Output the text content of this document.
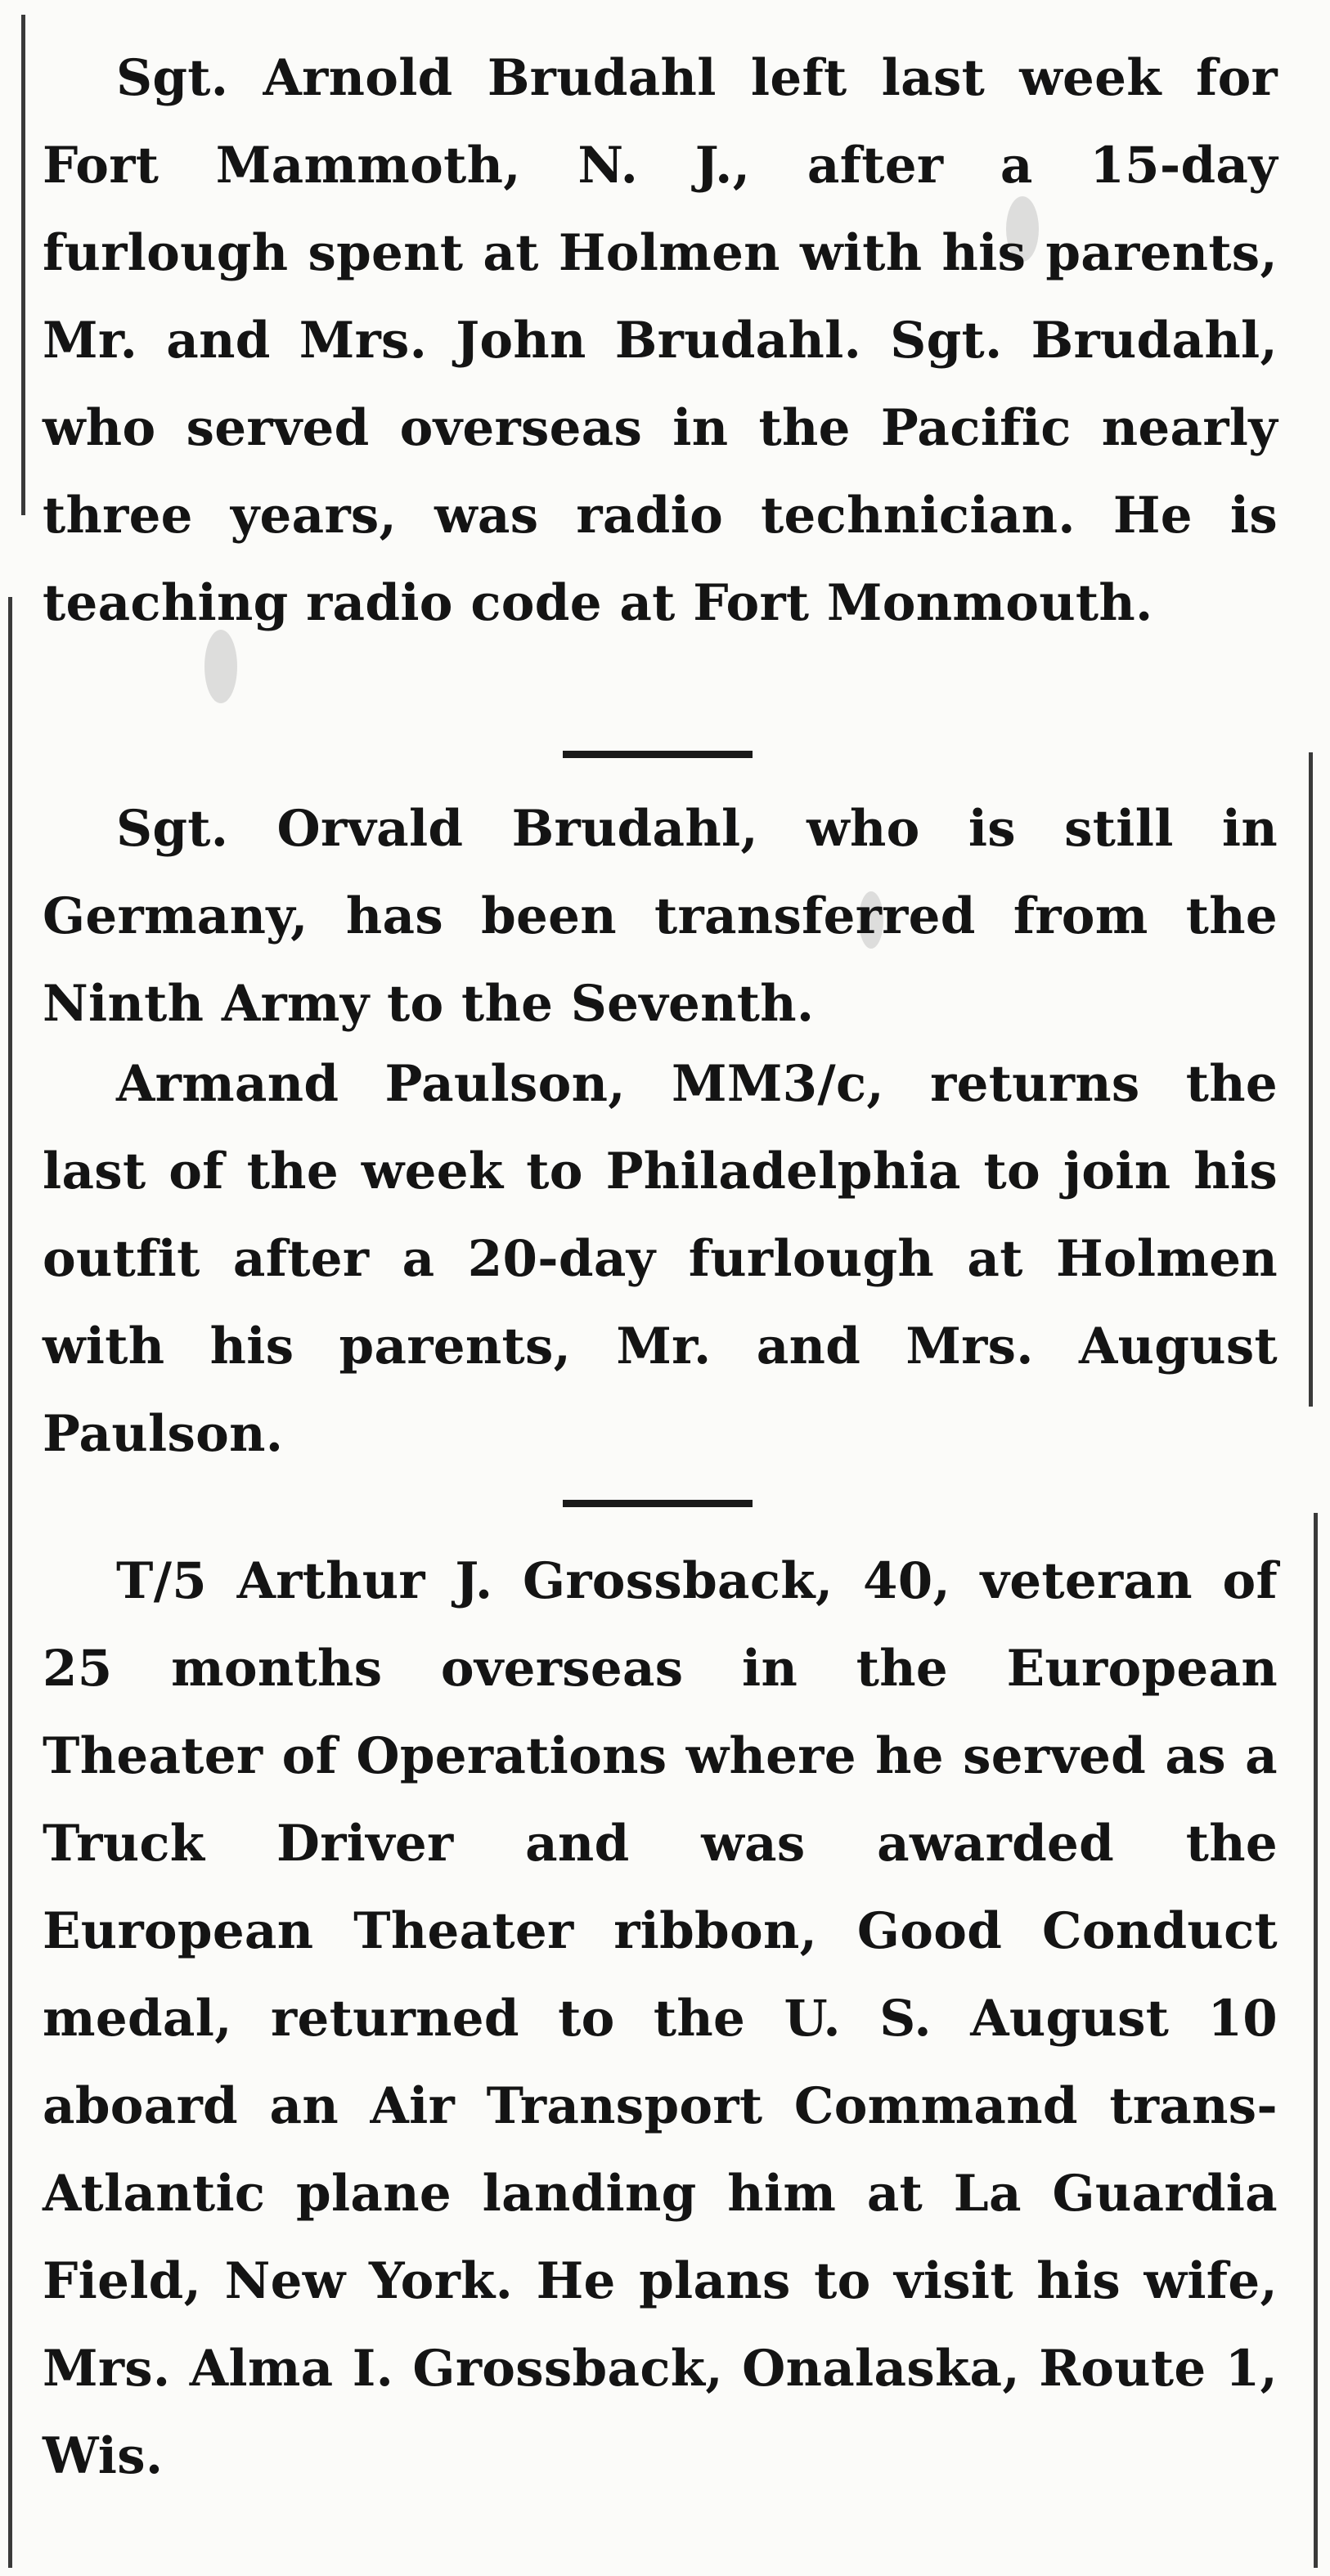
Sgt. Arnold Brudahl left last week for Fort Mammoth, N. J., after a 15-day furlough spent at Holmen with his parents, Mr. and Mrs. John Brudahl. Sgt. Brudahl, who served overseas in the Pacific nearly three years, was radio technician. He is teaching radio code at Fort Monmouth.

Sgt. Orvald Brudahl, who is still in Germany, has been transferred from the Ninth Army to the Seventh.

Armand Paulson, MM3/c, returns the last of the week to Philadelphia to join his outfit after a 20-day furlough at Holmen with his parents, Mr. and Mrs. August Paulson.

T/5 Arthur J. Grossback, 40, veteran of 25 months overseas in the European Theater of Operations where he served as a Truck Driver and was awarded the European Theater ribbon, Good Conduct medal, returned to the U. S. August 10 aboard an Air Transport Command trans-Atlantic plane landing him at La Guardia Field, New York. He plans to visit his wife, Mrs. Alma I. Grossback, Onalaska, Route 1, Wis.
